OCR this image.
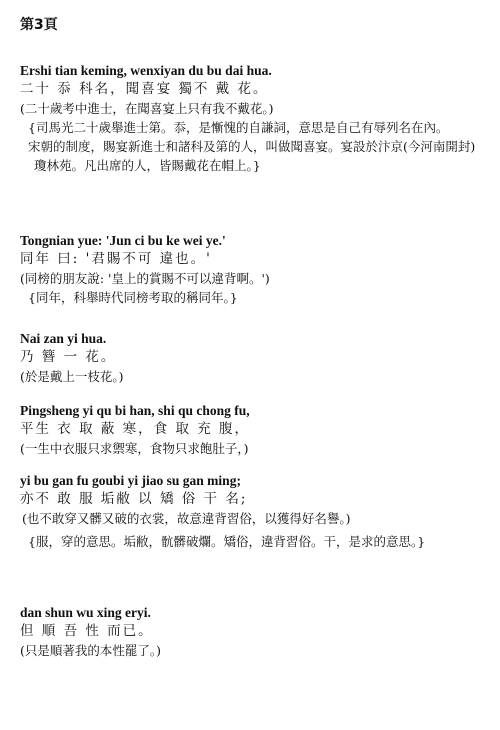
第3頁
Ershi tian keming, wenxiyan du bu dai hua.
二十 忝 科名，聞喜宴 獨不 戴 花。
(二十歲考中進士，在聞喜宴上只有我不戴花。)
{司馬光二十歲舉進士第。忝，是慚愧的自謙詞，意思是自己有辱列名在內。
宋朝的制度，賜宴新進士和諸科及第的人，叫做聞喜宴。宴設於汴京(今河南開封)瓊林苑。凡出席的人，皆賜戴花在帽上。}
Tongnian yue: 'Jun ci bu ke wei ye.'
同年 曰: '君賜不可 違也。'
(同榜的朋友說: '皇上的賞賜不可以違背啊。')
{同年，科舉時代同榜考取的稱同年。}
Nai zan yi hua.
乃 簪 一 花。
(於是戴上一枝花。)
Pingsheng yi qu bi han, shi qu chong fu,
平生 衣 取 蔽 寒，食 取 充 腹，
(一生中衣服只求禦寒，食物只求飽肚子，)
yi bu gan fu goubi yi jiao su gan ming;
亦不 敢 服 垢敝 以 矯 俗 干 名;
(也不敢穿又髒又破的衣裳，故意違背習俗，以獲得好名譽。)
{服，穿的意思。垢敝，骯髒破爛。矯俗，違背習俗。干，是求的意思。}
dan shun wu xing eryi.
但 順 吾 性 而已。
(只是順著我的本性罷了。)
